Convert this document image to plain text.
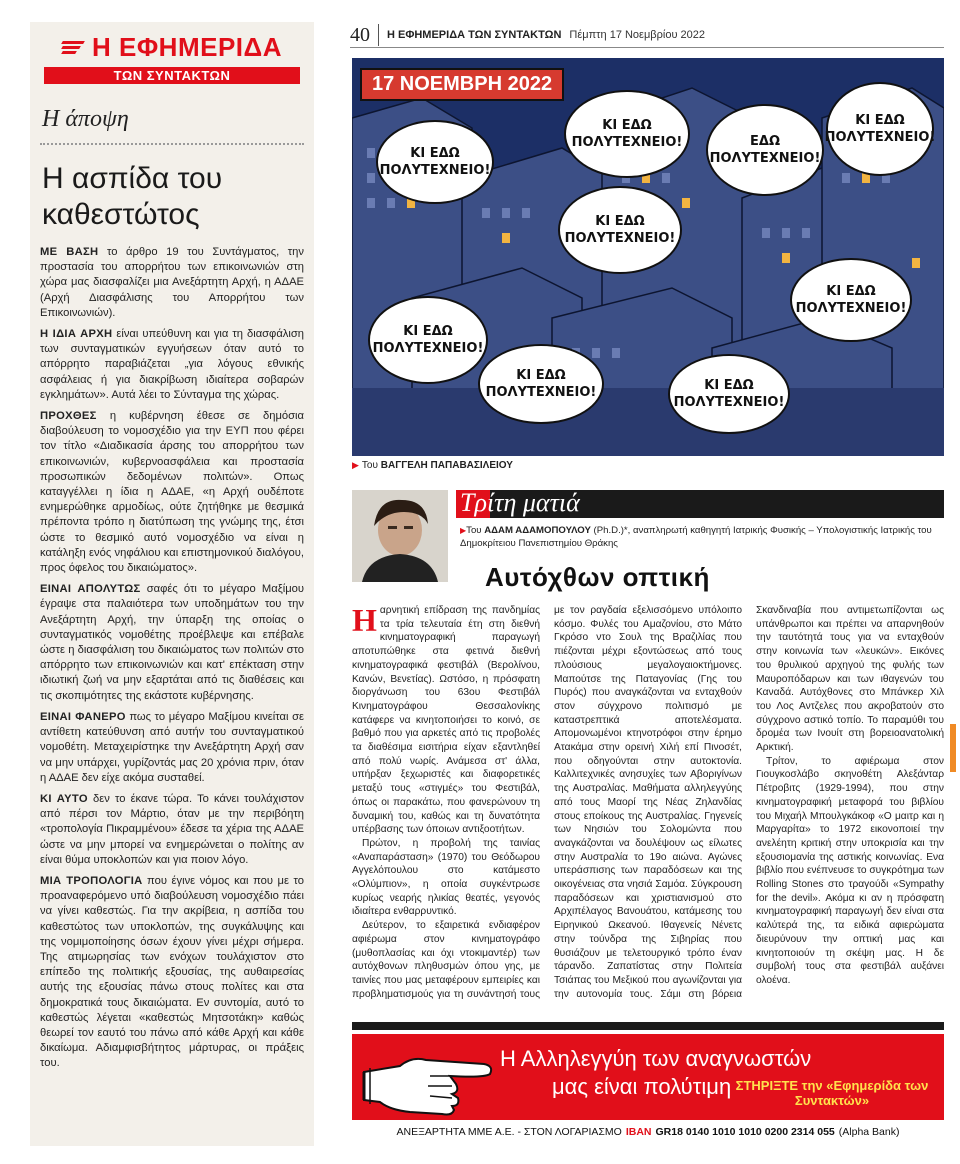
Η ΕΦΗΜΕΡΙΔΑ
ΤΩΝ ΣΥΝΤΑΚΤΩΝ
Η άποψη
Η ασπίδα του καθεστώτος

ΜΕ ΒΑΣΗ το άρθρο 19 του Συντάγματος, την προστασία του απορρήτου των επικοινωνιών στη χώρα μας διασφαλίζει μια Ανεξάρτητη Αρχή, η ΑΔΑΕ (Αρχή Διασφάλισης του Απορρήτου των Επικοινωνιών).

Η ΙΔΙΑ ΑΡΧΗ είναι υπεύθυνη και για τη διασφάλιση των συνταγματικών εγγυήσεων όταν αυτό το απόρρητο παραβιάζεται „για λόγους εθνικής ασφάλειας ή για διακρίβωση ιδιαίτερα σοβαρών εγκλημάτων». Αυτά λέει το Σύνταγμα της χώρας.

ΠΡΟΧΘΕΣ η κυβέρνηση έθεσε σε δημόσια διαβούλευση το νομοσχέδιο για την ΕΥΠ που φέρει τον τίτλο «Διαδικασία άρσης του απορρήτου των επικοινωνιών, κυβερνοασφάλεια και προστασία προσωπικών δεδομένων πολιτών». Οπως καταγγέλλει η ίδια η ΑΔΑΕ, «η Αρχή ουδέποτε ενημερώθηκε αρμοδίως, ούτε ζητήθηκε με θεσμικά πρέποντα τρόπο η διατύπωση της γνώμης της, έτσι ώστε το θεσμικό αυτό νομοσχέδιο να είναι η κατάληξη ενός νηφάλιου και επιστημονικού διαλόγου, προς όφελος του δικαιώματος».

ΕΙΝΑΙ ΑΠΟΛΥΤΩΣ σαφές ότι το μέγαρο Μαξίμου έγραψε στα παλαιότερα των υποδημάτων του την Ανεξάρτητη Αρχή, την ύπαρξη της οποίας ο συνταγματικός νομοθέτης προέβλεψε και επέβαλε ώστε η διασφάλιση του δικαιώματος των πολιτών στο απόρρητο των επικοινωνιών και κατ' επέκταση στην ιδιωτική ζωή να μην εξαρτάται από τις διαθέσεις και τις σκοπιμότητες της εκάστοτε κυβέρνησης.

ΕΙΝΑΙ ΦΑΝΕΡΟ πως το μέγαρο Μαξίμου κινείται σε αντίθετη κατεύθυνση από αυτήν του συνταγματικού νομοθέτη. Μεταχειρίστηκε την Ανεξάρτητη Αρχή σαν να μην υπάρχει, γυρίζοντάς μας 20 χρόνια πριν, όταν η ΑΔΑΕ δεν είχε ακόμα συσταθεί.

ΚΙ ΑΥΤΟ δεν το έκανε τώρα. Το κάνει τουλάχιστον από πέρσι τον Μάρτιο, όταν με την περιβόητη «τροπολογία Πικραμμένου» έδεσε τα χέρια της ΑΔΑΕ ώστε να μην μπορεί να ενημερώνεται ο πολίτης αν είναι θύμα υποκλοπών και για ποιον λόγο.

ΜΙΑ ΤΡΟΠΟΛΟΓΙΑ που έγινε νόμος και που με το προαναφερόμενο υπό διαβούλευση νομοσχέδιο πάει να γίνει καθεστώς. Για την ακρίβεια, η ασπίδα του καθεστώτος των υποκλοπών, της συγκάλυψης και της νομιμοποίησης όσων έχουν γίνει μέχρι σήμερα. Της ατιμωρησίας των ενόχων τουλάχιστον στο επίπεδο της πολιτικής εξουσίας, της αυθαιρεσίας αυτής της εξουσίας πάνω στους πολίτες και στα δημοκρατικά τους δικαιώματα. Εν συντομία, αυτό το καθεστώς λέγεται «καθεστώς Μητσοτάκη» καθώς θεωρεί τον εαυτό του πάνω από κάθε Αρχή και κάθε δικαίωμα. Αδιαμφισβήτητος μάρτυρας, οι πράξεις του.

40	Η ΕΦΗΜΕΡΙΔΑ ΤΩΝ ΣΥΝΤΑΚΤΩΝ Πέμπτη 17 Νοεμβρίου 2022
17 ΝΟΕΜΒΡΗ 2022
ΚΙ ΕΔΩ ΠΟΛΥΤΕΧΝΕΙΟ!
ΚΙ ΕΔΩ ΠΟΛΥΤΕΧΝΕΙΟ!	ΕΔΩ ΠΟΛΥΤΕΧΝΕΙΟ!
ΚΙ ΕΔΩ ΠΟΛΥΤΕΧΝΕΙΟ!
ΚΙ ΕΔΩ ΠΟΛΥΤΕΧΝΕΙΟ!
ΚΙ ΕΔΩ ΠΟΛΥΤΕΧΝΕΙΟ!
ΚΙ ΕΔΩ ΠΟΛΥΤΕΧΝΕΙΟ!
ΚΙ ΕΔΩ ΠΟΛΥΤΕΧΝΕΙΟ!
ΚΙ ΕΔΩ ΠΟΛΥΤΕΧΝΕΙΟ!
▶ Του ΒΑΓΓΕΛΗ ΠΑΠΑΒΑΣΙΛΕΙΟΥ
Τρίτη ματιά
▶Του ΑΔΑΜ ΑΔΑΜΟΠΟΥΛΟΥ (Ph.D.)*, αναπληρωτή καθηγητή Ιατρικής Φυσικής – Υπολογιστικής Ιατρικής του Δημοκρίτειου Πανεπιστημίου Θράκης
Αυτόχθων οπτική

Η αρνητική επίδραση της πανδημίας τα τρία τελευταία έτη στη διεθνή κινηματογραφική παραγωγή αποτυπώθηκε στα φετινά διεθνή κινηματογραφικά φεστιβάλ (Βερολίνου, Κανών, Βενετίας). Ωστόσο, η πρόσφατη διοργάνωση του 63ου Φεστιβάλ Κινηματογράφου Θεσσαλονίκης κατάφερε να κινητοποιήσει το κοινό, σε βαθμό που για αρκετές από τις προβολές τα διαθέσιμα εισιτήρια είχαν εξαντληθεί από πολύ νωρίς. Ανάμεσα στ' άλλα, υπήρξαν ξεχωριστές και διαφορετικές μεταξύ τους «στιγμές» του Φεστιβάλ, όπως οι παρακάτω, που φανερώνουν τη δυναμική του, καθώς και τη δυνατότητα υπέρβασης των όποιων αντιξοοτήτων.

Πρώτον, η προβολή της ταινίας «Αναπαράσταση» (1970) του Θεόδωρου Αγγελόπουλου στο κατάμεστο «Ολύμπιον», η οποία συγκέντρωσε κυρίως νεαρής ηλικίας θεατές, γεγονός ιδιαίτερα ενθαρρυντικό.

Δεύτερον, το εξαιρετικά ενδιαφέρον αφιέρωμα στον κινηματογράφο (μυθοπλασίας και όχι ντοκιμαντέρ) των αυτόχθονων πληθυσμών όπου γης, με ταινίες που μας μεταφέρουν εμπειρίες και προβληματισμούς για τη συνάντησή τους με τον ραγδαία εξελισσόμενο υπόλοιπο κόσμο. Φυλές του Αμαζονίου, στο Μάτο Γκρόσο ντο Σουλ της Βραζιλίας που πιέζονται μέχρι εξοντώσεως από τους πλούσιους μεγαλογαιοκτήμονες. Μαπούτσε της Παταγονίας (Γης του Πυρός) που αναγκάζονται να ενταχθούν στον σύγχρονο πολιτισμό με καταστρεπτικά αποτελέσματα. Απομονωμένοι κτηνοτρόφοι στην έρημο Ατακάμα στην ορεινή Χιλή επί Πινοσέτ, που οδηγούνται στην αυτοκτονία. Καλλιτεχνικές ανησυχίες των Αβοριγίνων της Αυστραλίας. Μαθήματα αλληλεγγύης από τους Μαορί της Νέας Ζηλανδίας στους εποίκους της Αυστραλίας. Γηγενείς των Νησιών του Σολομώντα που αναγκάζονται να δουλέψουν ως είλωτες στην Αυστραλία το 19ο αιώνα. Αγώνες υπεράσπισης των παραδόσεων και της οικογένειας στα νησιά Σαμόα. Σύγκρουση παραδόσεων και χριστιανισμού στο Αρχιπέλαγος Βανουάτου, κατάμεσης του Ειρηνικού Ωκεανού. Ιθαγενείς Νένετς στην τούνδρα της Σιβηρίας που θυσιάζουν με τελετουργικό τρόπο έναν τάρανδο. Ζαπατίστας στην Πολιτεία Τσιάπας του Μεξικού που αγωνίζονται για την αυτονομία τους. Σάμι στη βόρεια Σκανδιναβία που αντιμετωπίζονται ως υπάνθρωποι και πρέπει να απαρνηθούν την ταυτότητά τους για να ενταχθούν στην κοινωνία των «λευκών». Εικόνες του θρυλικού αρχηγού της φυλής των Μαυροπόδαρων και των ιθαγενών του Καναδά. Αυτόχθονες στο Μπάνκερ Χιλ του Λος Αντζελες που ακροβατούν στο σύγχρονο αστικό τοπίο. Το παραμύθι του δρομέα των Ινουίτ στη βορειοανατολική Αρκτική.

Τρίτον, το αφιέρωμα στον Γιουγκοσλάβο σκηνοθέτη Αλεξάνταρ Πέτροβιτς (1929-1994), που στην κινηματογραφική μεταφορά του βιβλίου του Μιχαήλ Μπουλγκάκοφ «Ο μαιτρ και η Μαργαρίτα» το 1972 εικονοποιεί την ανελέητη κριτική στην υποκρισία και την εξουσιομανία της αστικής κοινωνίας. Ενα βιβλίο που ενέπνευσε το συγκρότημα των Rolling Stones στο τραγούδι «Sympathy for the devil». Ακόμα κι αν η πρόσφατη κινηματογραφική παραγωγή δεν είναι στα καλύτερά της, τα ειδικά αφιερώματα διευρύνουν την οπτική μας και κινητοποιούν τη σκέψη μας. Η δε συμβολή τους στα φεστιβάλ αυξάνει ολοένα.

Η Αλληλεγγύη των αναγνωστών
μας είναι πολύτιμη ΣΤΗΡΙΞΤΕ την «Εφημερίδα των Συντακτών»
ΑΝΕΞΑΡΤΗΤΑ ΜΜΕ Α.Ε. - ΣΤΟΝ ΛΟΓΑΡΙΑΣΜΟ IBAN GR18 0140 1010 1010 0200 2314 055 (Alpha Bank)
